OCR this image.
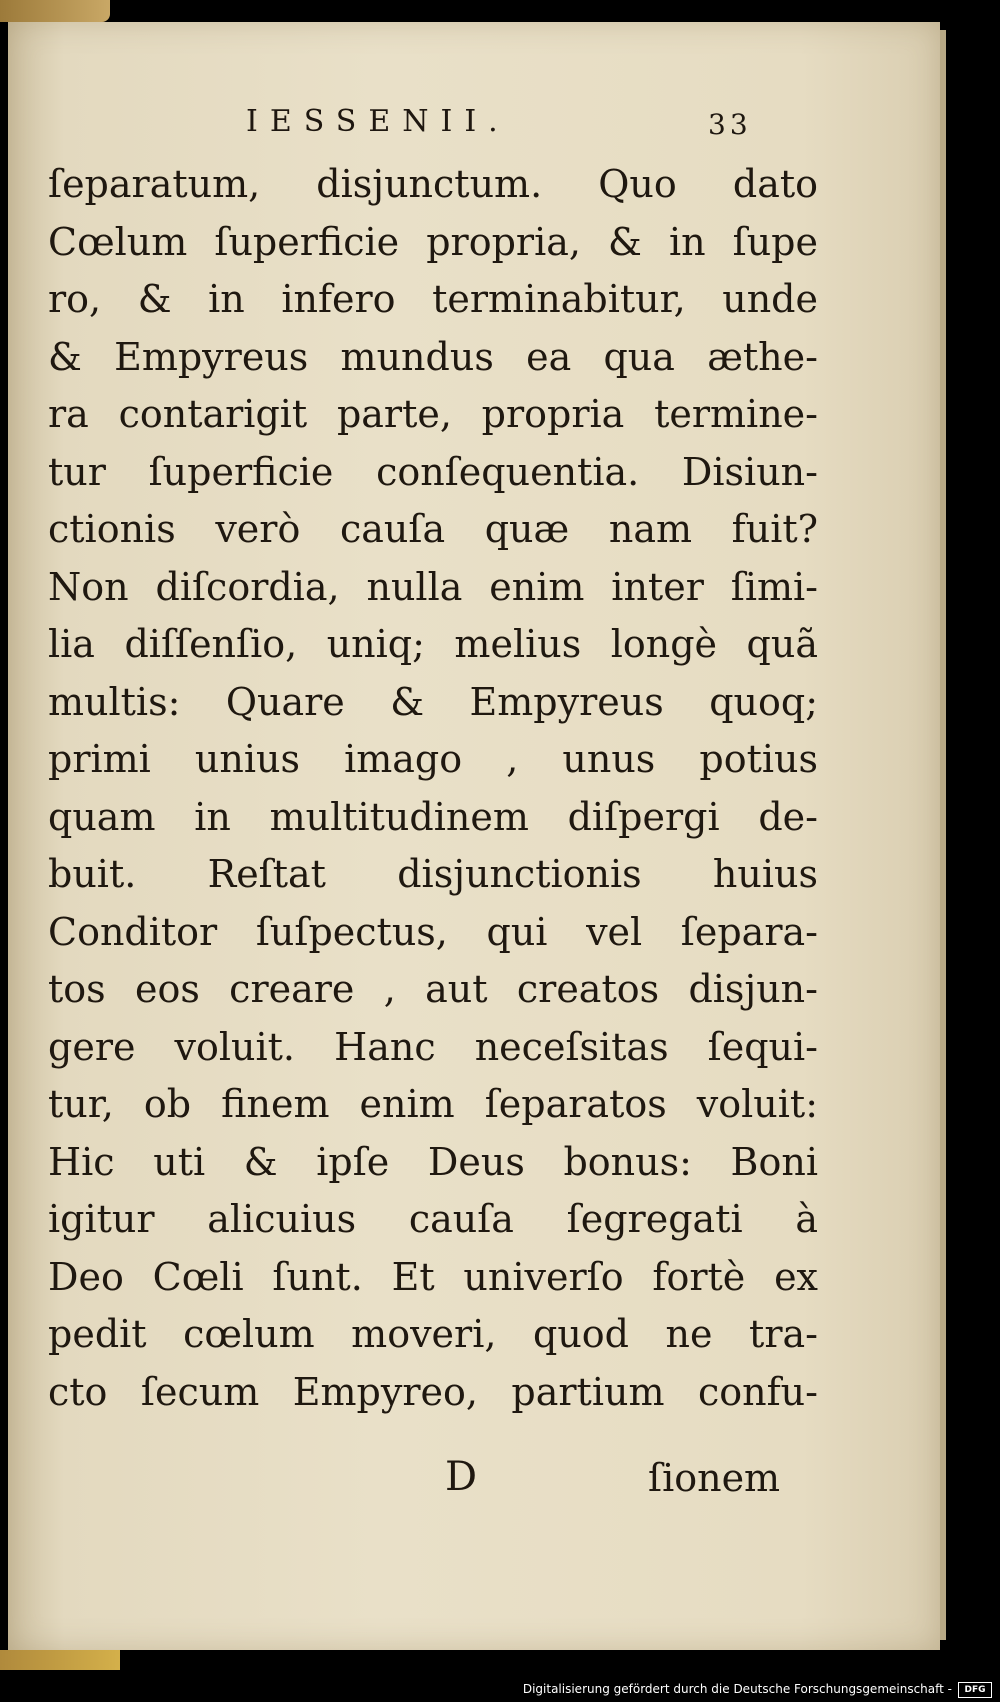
IESSENII.	33
ſeparatum, disjunctum. Quo dato
Cœlum ſuperficie propria, & in ſupe
ro, & in infero terminabitur, unde
& Empyreus mundus ea qua æthe-
ra contarigit parte, propria termine-
tur ſuperficie conſequentia. Disiun-
ctionis verò cauſa quæ nam fuit?
Non diſcordia, nulla enim inter ſimi-
lia diſſenſio, uniq; melius longè quã
multis: Quare & Empyreus quoq;
primi unius imago , unus potius
quam in multitudinem diſpergi de-
buit. Reſtat disjunctionis huius
Conditor ſuſpectus, qui vel ſepara-
tos eos creare , aut creatos disjun-
gere voluit. Hanc neceſsitas ſequi-
tur, ob finem enim ſeparatos voluit:
Hic uti & ipſe Deus bonus: Boni
igitur alicuius cauſa ſegregati à
Deo Cœli ſunt. Et univerſo fortè ex
pedit cœlum moveri, quod ne tra-
cto ſecum Empyreo, partium confu-
D	ſionem
Digitalisierung gefördert durch die Deutsche Forschungsgemeinschaft -	DFG
